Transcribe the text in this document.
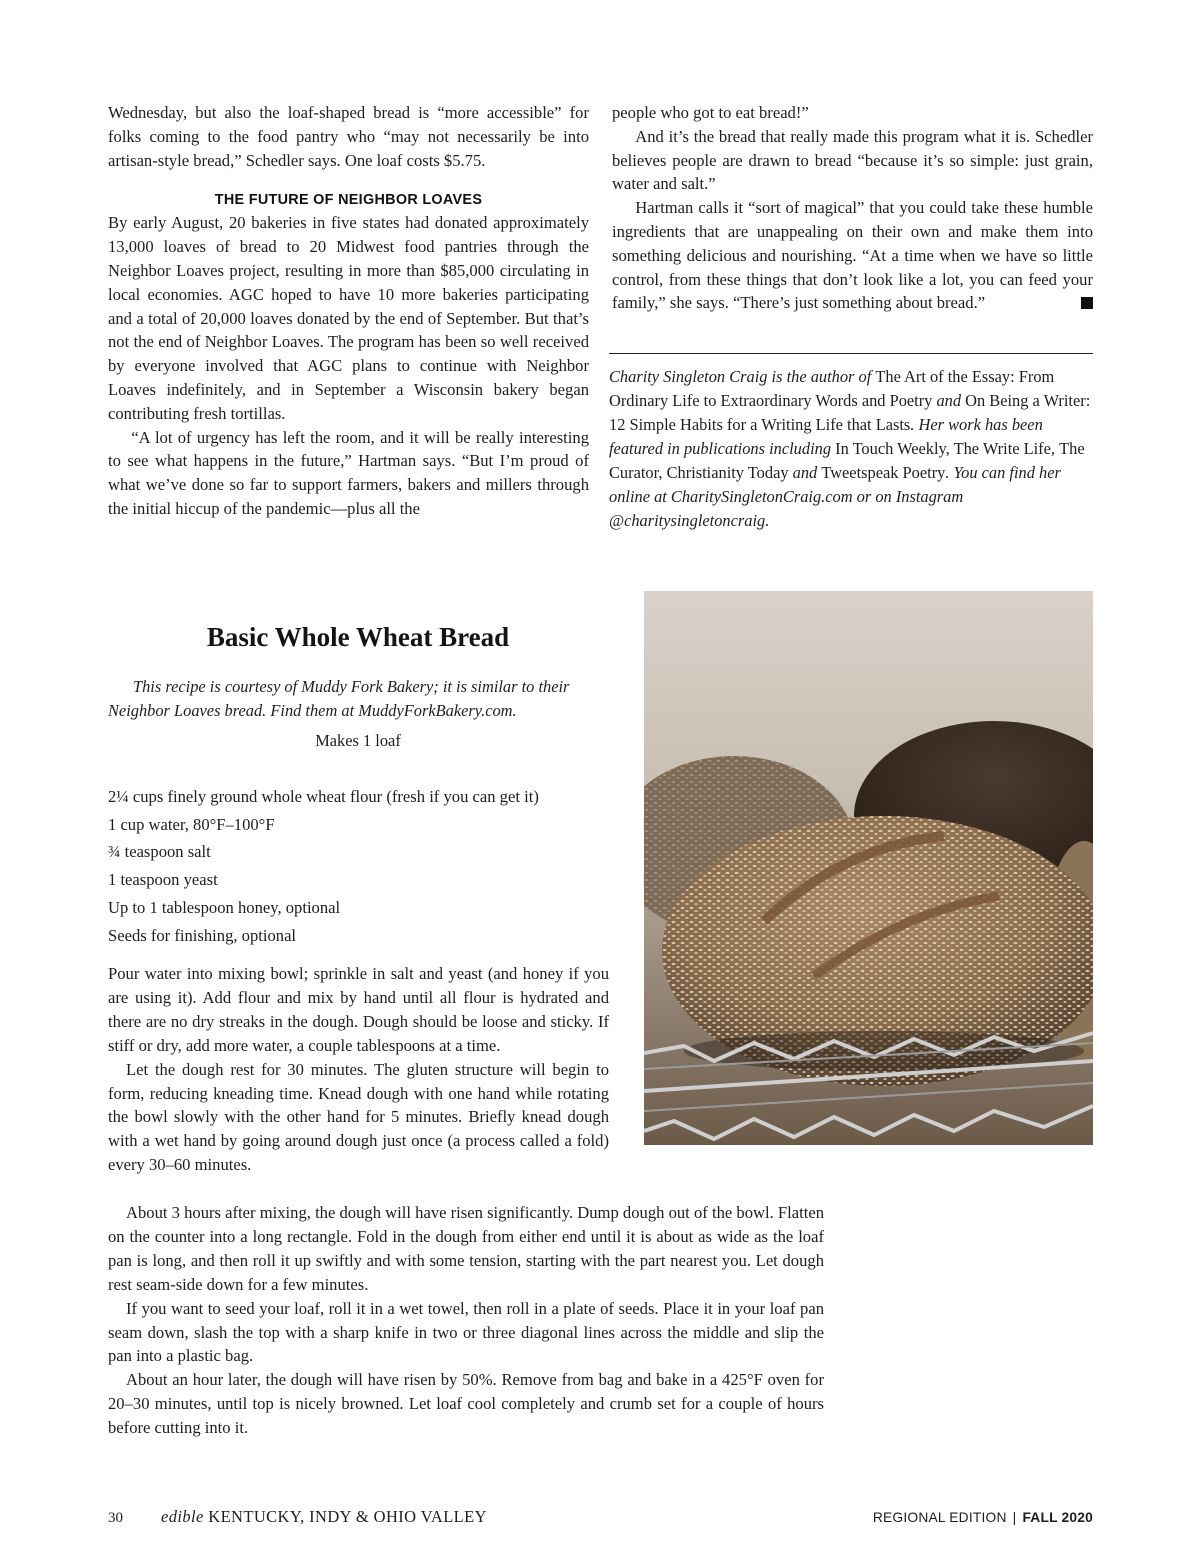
Wednesday, but also the loaf-shaped bread is “more accessible” for folks coming to the food pantry who “may not necessarily be into artisan-style bread,” Schedler says. One loaf costs $5.75.

THE FUTURE OF NEIGHBOR LOAVES

By early August, 20 bakeries in five states had donated approximately 13,000 loaves of bread to 20 Midwest food pantries through the Neighbor Loaves project, resulting in more than $85,000 circulating in local economies. AGC hoped to have 10 more bakeries participating and a total of 20,000 loaves donated by the end of September. But that’s not the end of Neighbor Loaves. The program has been so well received by everyone involved that AGC plans to continue with Neighbor Loaves indefinitely, and in September a Wisconsin bakery began contributing fresh tortillas.

“A lot of urgency has left the room, and it will be really interesting to see what happens in the future,” Hartman says. “But I’m proud of what we’ve done so far to support farmers, bakers and millers through the initial hiccup of the pandemic—plus all the

people who got to eat bread!”

And it’s the bread that really made this program what it is. Schedler believes people are drawn to bread “because it’s so simple: just grain, water and salt.”

Hartman calls it “sort of magical” that you could take these humble ingredients that are unappealing on their own and make them into something delicious and nourishing. “At a time when we have so little control, from these things that don’t look like a lot, you can feed your family,” she says. “There’s just something about bread.”

Charity Singleton Craig is the author of The Art of the Essay: From Ordinary Life to Extraordinary Words and Poetry and On Being a Writer: 12 Simple Habits for a Writing Life that Lasts. Her work has been featured in publications including In Touch Weekly, The Write Life, The Curator, Christianity Today and Tweetspeak Poetry. You can find her online at CharitySingletonCraig.com or on Instagram @charitysingletoncraig.

Basic Whole Wheat Bread

This recipe is courtesy of Muddy Fork Bakery; it is similar to their Neighbor Loaves bread. Find them at MuddyForkBakery.com.

Makes 1 loaf
2¼ cups finely ground whole wheat flour (fresh if you can get it)
1 cup water, 80°F–100°F
¾ teaspoon salt
1 teaspoon yeast
Up to 1 tablespoon honey, optional
Seeds for finishing, optional

Pour water into mixing bowl; sprinkle in salt and yeast (and honey if you are using it). Add flour and mix by hand until all flour is hydrated and there are no dry streaks in the dough. Dough should be loose and sticky. If stiff or dry, add more water, a couple tablespoons at a time.

Let the dough rest for 30 minutes. The gluten structure will begin to form, reducing kneading time. Knead dough with one hand while rotating the bowl slowly with the other hand for 5 minutes. Briefly knead dough with a wet hand by going around dough just once (a process called a fold) every 30–60 minutes.

About 3 hours after mixing, the dough will have risen significantly. Dump dough out of the bowl. Flatten on the counter into a long rectangle. Fold in the dough from either end until it is about as wide as the loaf pan is long, and then roll it up swiftly and with some tension, starting with the part nearest you. Let dough rest seam-side down for a few minutes.

If you want to seed your loaf, roll it in a wet towel, then roll in a plate of seeds. Place it in your loaf pan seam down, slash the top with a sharp knife in two or three diagonal lines across the middle and slip the pan into a plastic bag.

About an hour later, the dough will have risen by 50%. Remove from bag and bake in a 425°F oven for 20–30 minutes, until top is nicely browned. Let loaf cool completely and crumb set for a couple of hours before cutting into it.

30 edible KENTUCKY, INDY & OHIO VALLEY	REGIONAL EDITION | FALL 2020
